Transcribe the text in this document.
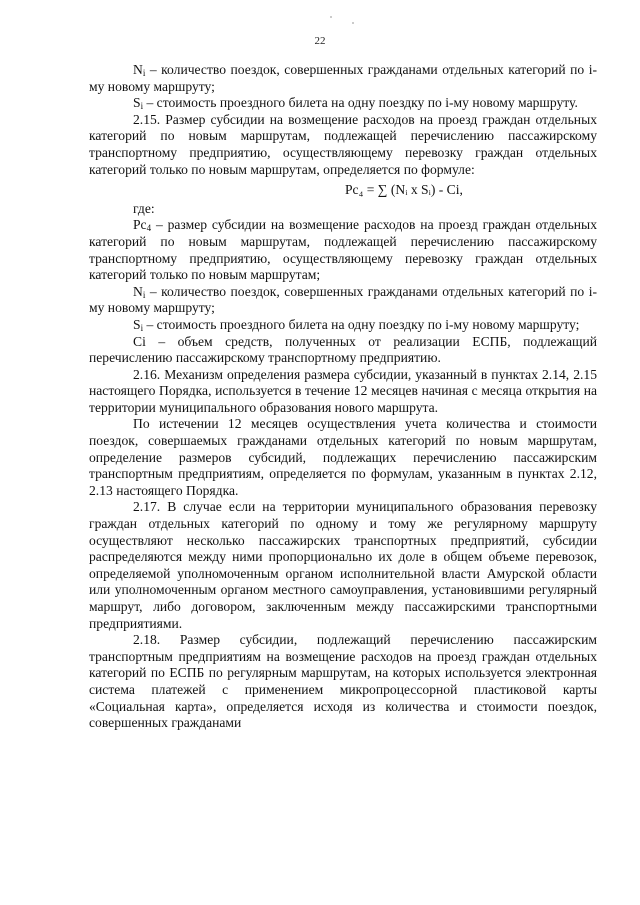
22

$N_i$ – количество поездок, совершенных гражданами отдельных категорий по i-му новому маршруту;

$S_i$ – стоимость проездного билета на одну поездку по i-му новому маршруту.

2.15. Размер субсидии на возмещение расходов на проезд граждан отдельных категорий по новым маршрутам, подлежащей перечислению пассажирскому транспортному предприятию, осуществляющему перевозку граждан отдельных категорий только по новым маршрутам, определяется по формуле:

Pc₄ = ∑ (Nᵢ x Sᵢ) - Ci,

где:

$Pc_4$ – размер субсидии на возмещение расходов на проезд граждан отдельных категорий по новым маршрутам, подлежащей перечислению пассажирскому транспортному предприятию, осуществляющему перевозку граждан отдельных категорий только по новым маршрутам;

$N_i$ – количество поездок, совершенных гражданами отдельных категорий по i-му новому маршруту;

$S_i$ – стоимость проездного билета на одну поездку по i-му новому маршруту;

Ci – объем средств, полученных от реализации ЕСПБ, подлежащий перечислению пассажирскому транспортному предприятию.

2.16. Механизм определения размера субсидии, указанный в пунктах 2.14, 2.15 настоящего Порядка, используется в течение 12 месяцев начиная с месяца открытия на территории муниципального образования нового маршрута.

По истечении 12 месяцев осуществления учета количества и стоимости поездок, совершаемых гражданами отдельных категорий по новым маршрутам, определение размеров субсидий, подлежащих перечислению пассажирским транспортным предприятиям, определяется по формулам, указанным в пунктах 2.12, 2.13 настоящего Порядка.

2.17. В случае если на территории муниципального образования перевозку граждан отдельных категорий по одному и тому же регулярному маршруту осуществляют несколько пассажирских транспортных предприятий, субсидии распределяются между ними пропорционально их доле в общем объеме перевозок, определяемой уполномоченным органом исполнительной власти Амурской области или уполномоченным органом местного самоуправления, установившими регулярный маршрут, либо договором, заключенным между пассажирскими транспортными предприятиями.

2.18. Размер субсидии, подлежащий перечислению пассажирским транспортным предприятиям на возмещение расходов на проезд граждан отдельных категорий по ЕСПБ по регулярным маршрутам, на которых используется электронная система платежей с применением микропроцессорной пластиковой карты «Социальная карта», определяется исходя из количества и стоимости поездок, совершенных гражданами
